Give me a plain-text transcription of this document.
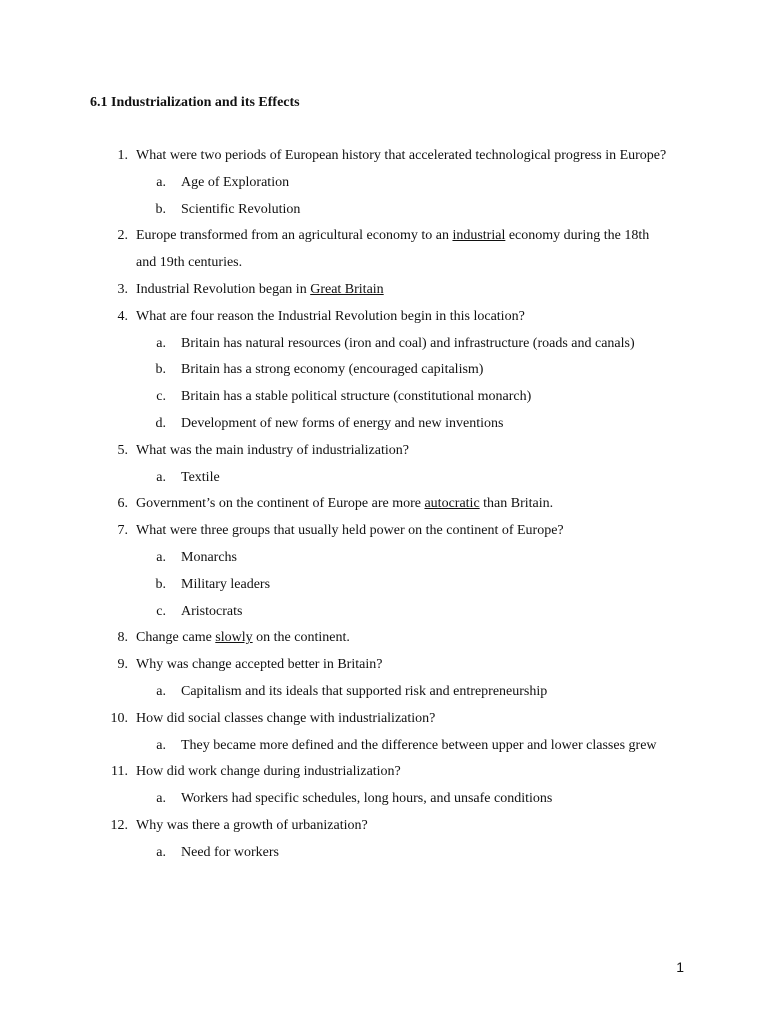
6.1 Industrialization and its Effects
1. What were two periods of European history that accelerated technological progress in Europe?
a. Age of Exploration
b. Scientific Revolution
2. Europe transformed from an agricultural economy to an industrial economy during the 18th and 19th centuries.
3. Industrial Revolution began in Great Britain
4. What are four reason the Industrial Revolution begin in this location?
a. Britain has natural resources (iron and coal) and infrastructure (roads and canals)
b. Britain has a strong economy (encouraged capitalism)
c. Britain has a stable political structure (constitutional monarch)
d. Development of new forms of energy and new inventions
5. What was the main industry of industrialization?
a. Textile
6. Government’s on the continent of Europe are more autocratic than Britain.
7. What were three groups that usually held power on the continent of Europe?
a. Monarchs
b. Military leaders
c. Aristocrats
8. Change came slowly on the continent.
9. Why was change accepted better in Britain?
a. Capitalism and its ideals that supported risk and entrepreneurship
10. How did social classes change with industrialization?
a. They became more defined and the difference between upper and lower classes grew
11. How did work change during industrialization?
a. Workers had specific schedules, long hours, and unsafe conditions
12. Why was there a growth of urbanization?
a. Need for workers
1
